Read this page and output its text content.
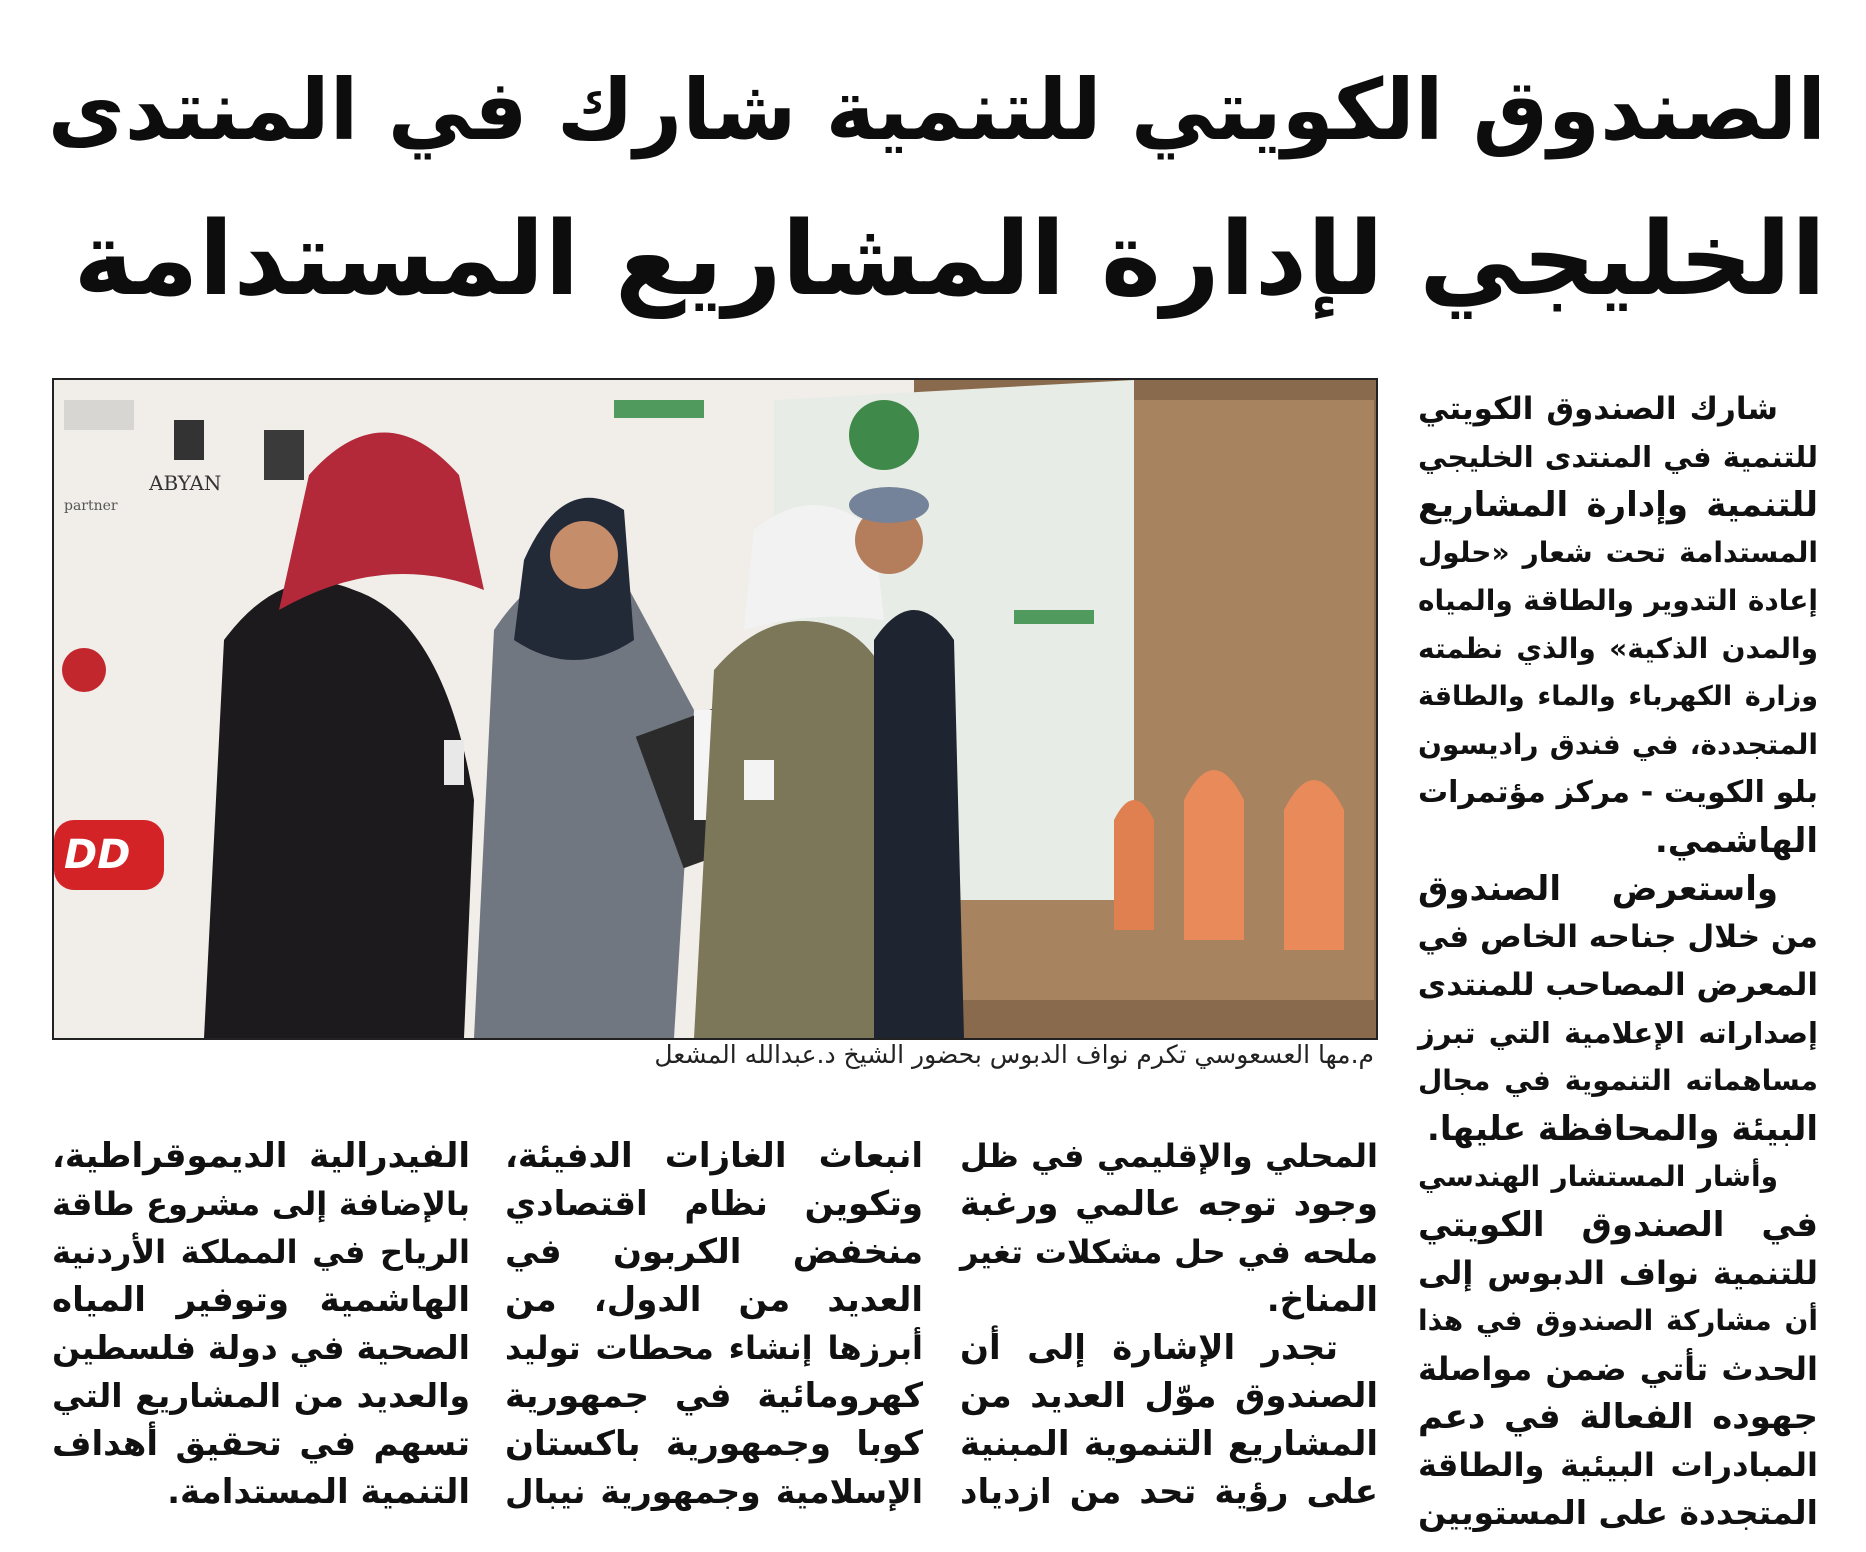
الصندوق الكويتي للتنمية شارك في المنتدى
الخليجي لإدارة المشاريع المستدامة
ABYAN
partner
DD
م.مها العسعوسي تكرم نواف الدبوس بحضور الشيخ د.عبدالله المشعل
شارك الصندوق الكويتي
للتنمية في المنتدى الخليجي
للتنمية وإدارة المشاريع
المستدامة تحت شعار «حلول
إعادة التدوير والطاقة والمياه
والمدن الذكية» والذي نظمته
وزارة الكهرباء والماء والطاقة
المتجددة، في فندق راديسون
بلو الكويت - مركز مؤتمرات
الهاشمي.
واستعرض الصندوق
من خلال جناحه الخاص في
المعرض المصاحب للمنتدى
إصداراته الإعلامية التي تبرز
مساهماته التنموية في مجال
البيئة والمحافظة عليها.
وأشار المستشار الهندسي
في الصندوق الكويتي
للتنمية نواف الدبوس إلى
أن مشاركة الصندوق في هذا
الحدث تأتي ضمن مواصلة
جهوده الفعالة في دعم
المبادرات البيئية والطاقة
المتجددة على المستويين
المحلي والإقليمي في ظل
وجود توجه عالمي ورغبة
ملحه في حل مشكلات تغير
المناخ.
تجدر الإشارة إلى أن
الصندوق موّل العديد من
المشاريع التنموية المبنية
على رؤية تحد من ازدياد
انبعاث الغازات الدفيئة،
وتكوين نظام اقتصادي
منخفض الكربون في
العديد من الدول، من
أبرزها إنشاء محطات توليد
كهرومائية في جمهورية
كوبا وجمهورية باكستان
الإسلامية وجمهورية نيبال
الفيدرالية الديموقراطية،
بالإضافة إلى مشروع طاقة
الرياح في المملكة الأردنية
الهاشمية وتوفير المياه
الصحية في دولة فلسطين
والعديد من المشاريع التي
تسهم في تحقيق أهداف
التنمية المستدامة.
